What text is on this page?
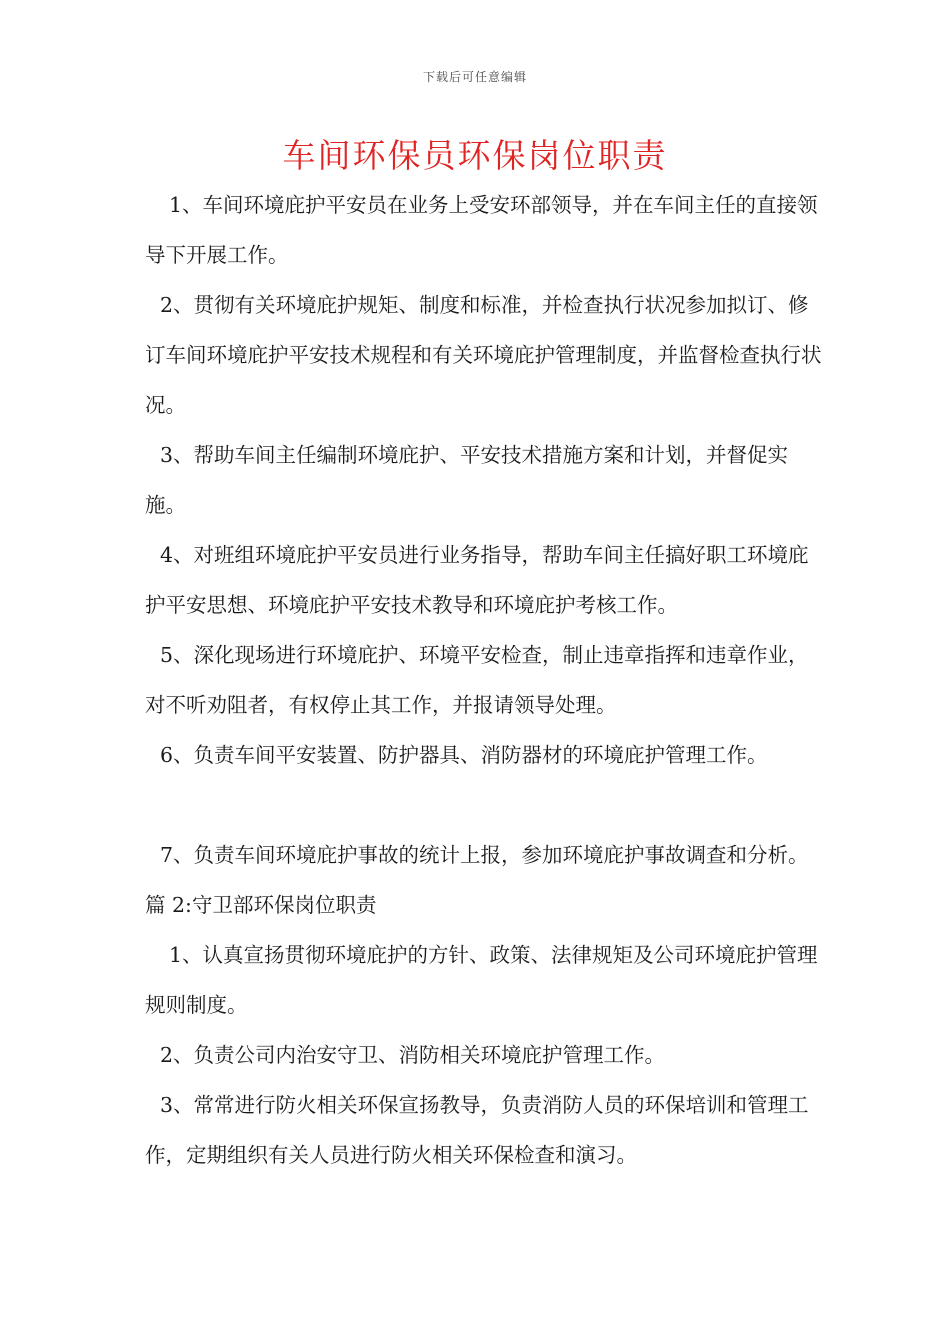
下载后可任意编辑
车间环保员环保岗位职责

1、车间环境庇护平安员在业务上受安环部领导，并在车间主任的直接领导下开展工作。

2、贯彻有关环境庇护规矩、制度和标准，并检查执行状况参加拟订、修订车间环境庇护平安技术规程和有关环境庇护管理制度，并监督检查执行状况。

3、帮助车间主任编制环境庇护、平安技术措施方案和计划，并督促实施。

4、对班组环境庇护平安员进行业务指导，帮助车间主任搞好职工环境庇护平安思想、环境庇护平安技术教导和环境庇护考核工作。

5、深化现场进行环境庇护、环境平安检查，制止违章指挥和违章作业，对不听劝阻者，有权停止其工作，并报请领导处理。

6、负责车间平安装置、防护器具、消防器材的环境庇护管理工作。

7、负责车间环境庇护事故的统计上报，参加环境庇护事故调查和分析。

篇 2:守卫部环保岗位职责

1、认真宣扬贯彻环境庇护的方针、政策、法律规矩及公司环境庇护管理规则制度。

2、负责公司内治安守卫、消防相关环境庇护管理工作。

3、常常进行防火相关环保宣扬教导，负责消防人员的环保培训和管理工作，定期组织有关人员进行防火相关环保检查和演习。
